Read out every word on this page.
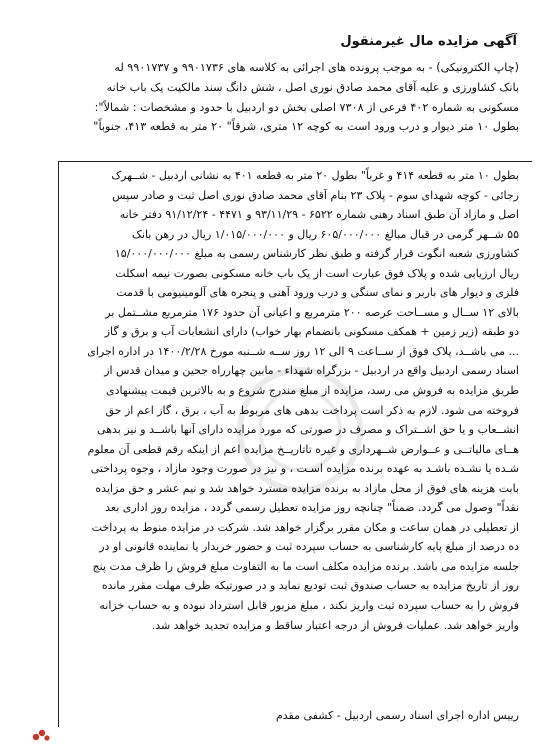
آگهی مزایده مال غیرمنقول

(چاپ الکترونیکی) - به موجب پرونده های اجرائی به کلاسه های ۹۹۰۱۷۳۶ و ۹۹۰۱۷۳۷ له
بانک کشاورزی و علیه آقای محمد صادق نوری اصل ، شش دانگ سند مالکیت یک باب خانه
مسکونی به شماره ۴۰۲ فرعی از ۷۳۰۸ اصلی بخش دو اردبیل با حدود و مشخصات : شمالاً":
بطول ۱۰ متر دیوار و درب ورود است به کوچه ۱۲ متری، شرقاً" ۲۰ متر به قطعه ۴۱۳، جنوباً"

بطول ۱۰ متر به قطعه ۴۱۴ و غرباً" بطول ۲۰ متر به قطعه ۴۰۱ به نشانی اردبیل - شــهرک
رجائی - کوچه شهدای سوم - پلاک ۲۳ بنام آقای محمد صادق نوری اصل ثبت و صادر سپس
اصل و مازاد آن طبق اسناد رهنی شماره ۶۵۲۲ - ۹۳/۱۱/۲۹ و ۴۴۷۱ - ۹۱/۱۲/۲۴ دفتر خانه
۵۵ شــهر گرمی در قبال مبالغ ۶۰۵/۰۰۰/۰۰۰ ریال و ۱/۰۱۵/۰۰۰/۰۰۰ ریال در رهن بانک
کشاورزی شعبه انگوت قرار گرفته و طبق نظر کارشناس رسمی به مبلغ ۱۵/۰۰۰/۰۰۰/۰۰۰
ریال ارزیابی شده و پلاک فوق عبارت است از یک باب خانه مسکونی بصورت نیمه اسکلت
فلزی و دیوار های باربر و نمای سنگی و درب ورود آهنی و پنجره های آلومینیومی با قدمت
بالای ۱۲ ســال و مســاحت عرصه ۲۰۰ مترمربع و اعیانی آن حدود ۱۷۶ مترمربع مشــتمل بر
دو طبقه (زیر زمین + همکف مسکونی بانضمام بهار خواب) دارای انشعابات آب و برق و گاز
... می باشــد، پلاک فوق از ســاعت ۹ الی ۱۲ روز ســه شــنبه مورخ ۱۴۰۰/۲/۲۸ در اداره اجرای
اسناد رسمی اردبیل واقع در اردبیل - بزرگراه شهداء - مابین چهارراه جحین و میدان قدس از
طریق مزایده به فروش می رسد، مزایده از مبلغ مندرج شروع و به بالاترین قیمت پیشنهادی
فروخته می شود. لازم به ذکر است پرداخت بدهی های مربوط به آب ، برق ، گاز اعم از حق
انشــعاب و یا حق اشــتراک و مصرف در صورتی که مورد مزایده دارای آنها باشــد و نیز بدهی
هــای مالیاتــی و عــوارض شــهرداری و غیره تاتاریــخ مزایده اعم از اینکه رقم قطعی آن معلوم
شـده یا نشـده باشـد به عهده برنده مزایده اسـت ، و نیز در صورت وجود مازاد ، وجوه پرداختی
بابت هزینه های فوق از محل مازاد به برنده مزایده مسترد خواهد شد و نیم عشر و حق مزایده
نقداً" وصول می گردد. ضمناً" چنانچه روز مزایده تعطیل رسمی گردد ، مزایده روز اداری بعد
از تعطیلی در همان ساعت و مکان مقرر برگزار خواهد شد. شرکت در مزایده منوط به پرداخت
ده درصد از مبلغ پایه کارشناسی به حساب سپرده ثبت و حضور خریدار یا نماینده قانونی او در
جلسه مزایده می باشد. برنده مزایده مکلف است ما به التفاوت مبلغ فروش را ظرف مدت پنج
روز از تاریخ مزایده به حساب صندوق ثبت تودیع نماید و در صورتیکه ظرف مهلت مقرر مانده
فروش را به حساب سپرده ثبت واریز نکند ، مبلغ مزبور قابل استرداد نبوده و به حساب خزانه
واریز خواهد شد. عملیات فروش از درجه اعتبار ساقط و مزایده تجدید خواهد شد.

رییس اداره اجرای اسناد رسمی اردبیل - کشفی مقدم
